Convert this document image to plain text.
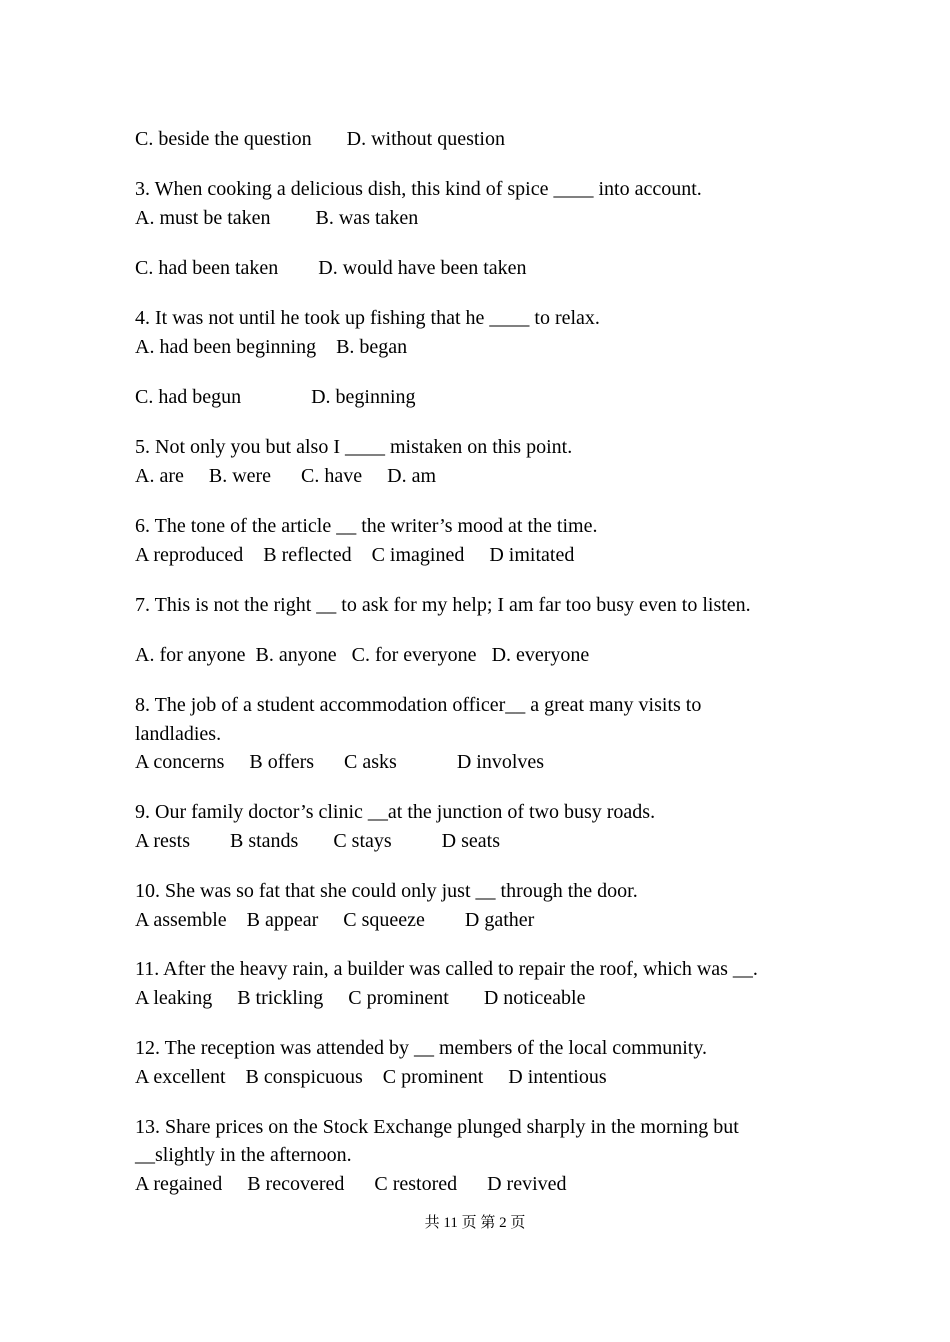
C. beside the question       D. without question
3. When cooking a delicious dish, this kind of spice ____ into account.
A. must be taken         B. was taken
C. had been taken        D. would have been taken
4. It was not until he took up fishing that he ____ to relax.
A. had been beginning    B. began
C. had begun              D. beginning
5. Not only you but also I ____ mistaken on this point.
A. are     B. were      C. have     D. am
6. The tone of the article __ the writer’s mood at the time.
A reproduced    B reflected    C imagined     D imitated
7. This is not the right __ to ask for my help; I am far too busy even to listen.
A. for anyone  B. anyone   C. for everyone   D. everyone
8. The job of a student accommodation officer__ a great many visits to
landladies.
A concerns     B offers      C asks            D involves
9. Our family doctor’s clinic __at the junction of two busy roads.
A rests        B stands       C stays          D seats
10. She was so fat that she could only just __ through the door.
A assemble    B appear     C squeeze        D gather
11. After the heavy rain, a builder was called to repair the roof, which was __.
A leaking     B trickling     C prominent       D noticeable
12. The reception was attended by __ members of the local community.
A excellent    B conspicuous    C prominent     D intentious
13. Share prices on the Stock Exchange plunged sharply in the morning but
__slightly in the afternoon.
A regained     B recovered      C restored      D revived
共 11 页 第 2 页
